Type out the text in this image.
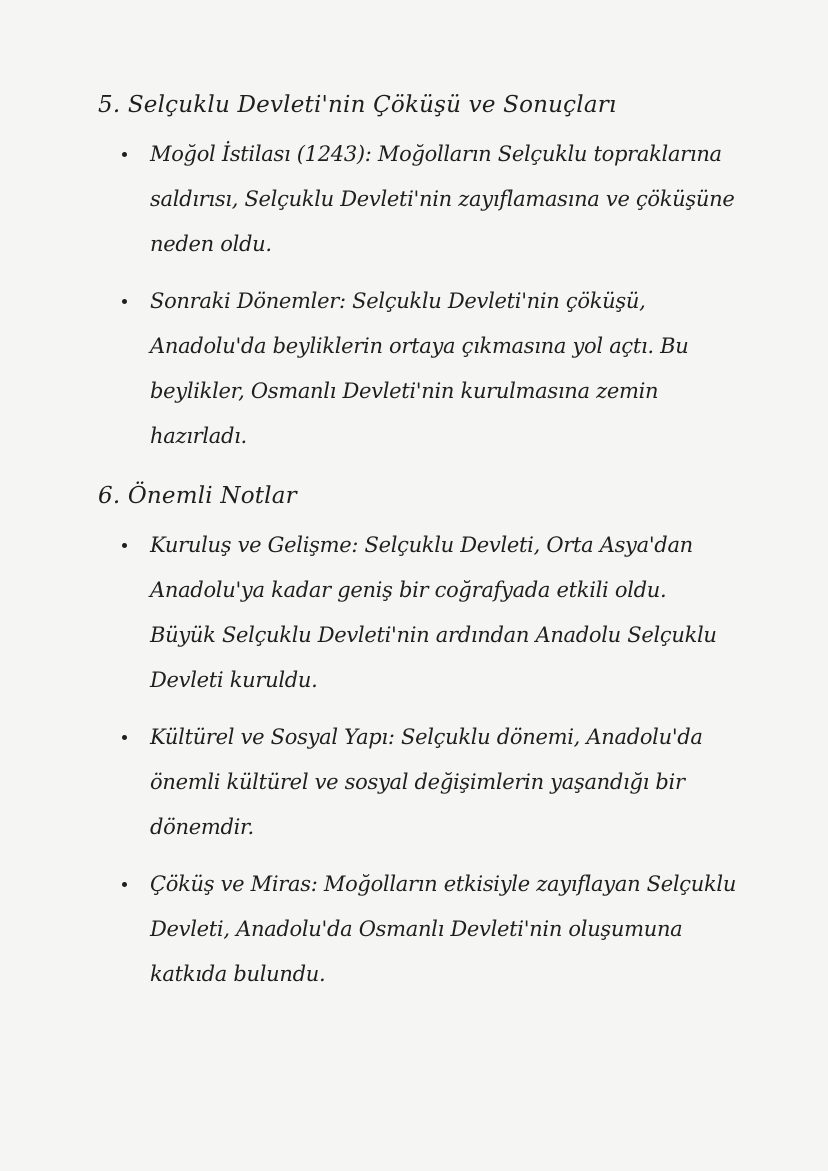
5. Selçuklu Devleti'nin Çöküşü ve Sonuçları
Moğol İstilası (1243): Moğolların Selçuklu topraklarına saldırısı, Selçuklu Devleti'nin zayıflamasına ve çöküşüne neden oldu.
Sonraki Dönemler: Selçuklu Devleti'nin çöküşü, Anadolu'da beyliklerin ortaya çıkmasına yol açtı. Bu beylikler, Osmanlı Devleti'nin kurulmasına zemin hazırladı.
6. Önemli Notlar
Kuruluş ve Gelişme: Selçuklu Devleti, Orta Asya'dan Anadolu'ya kadar geniş bir coğrafyada etkili oldu. Büyük Selçuklu Devleti'nin ardından Anadolu Selçuklu Devleti kuruldu.
Kültürel ve Sosyal Yapı: Selçuklu dönemi, Anadolu'da önemli kültürel ve sosyal değişimlerin yaşandığı bir dönemdir.
Çöküş ve Miras: Moğolların etkisiyle zayıflayan Selçuklu Devleti, Anadolu'da Osmanlı Devleti'nin oluşumuna katkıda bulundu.
